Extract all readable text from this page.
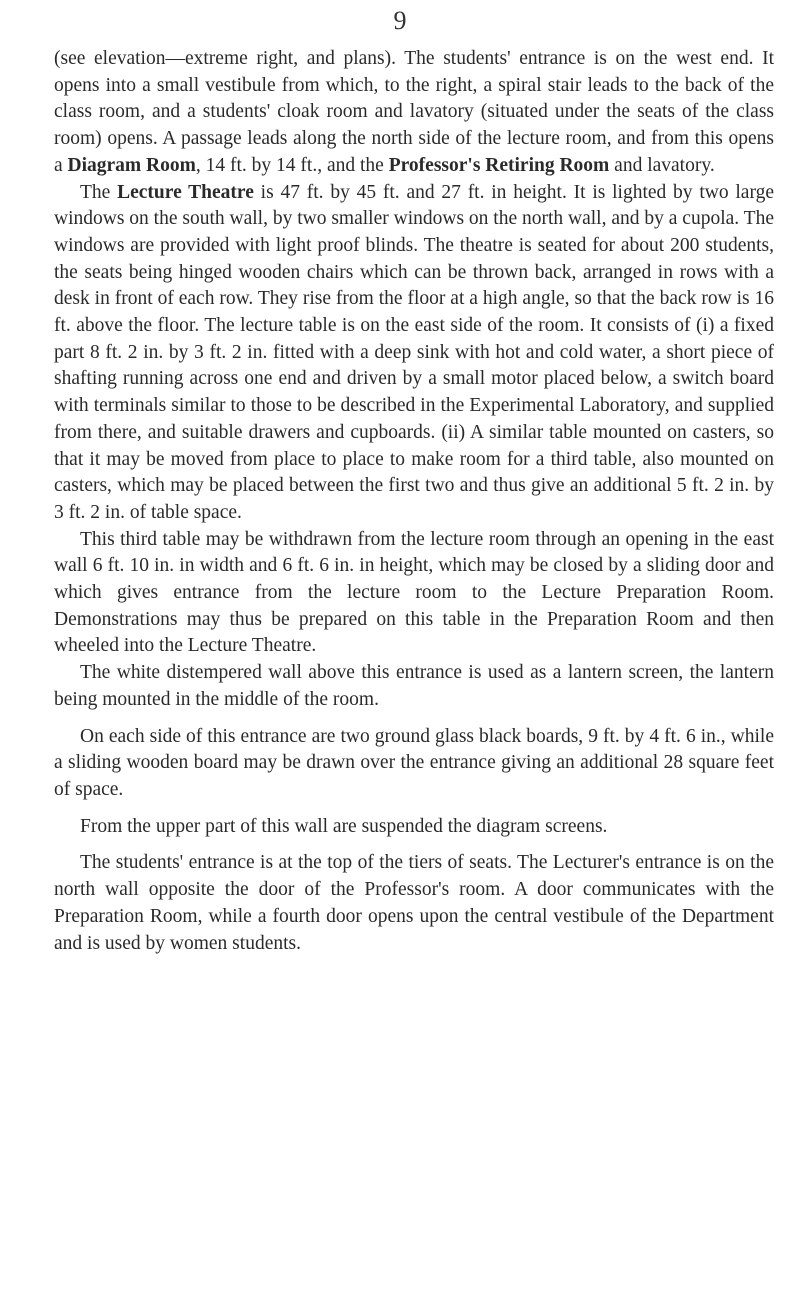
9

(see elevation—extreme right, and plans). The students' entrance is on the west end. It opens into a small vestibule from which, to the right, a spiral stair leads to the back of the class room, and a students' cloak room and lavatory (situated under the seats of the class room) opens. A passage leads along the north side of the lecture room, and from this opens a Diagram Room, 14 ft. by 14 ft., and the Professor's Retiring Room and lavatory.

The Lecture Theatre is 47 ft. by 45 ft. and 27 ft. in height. It is lighted by two large windows on the south wall, by two smaller windows on the north wall, and by a cupola. The windows are provided with light proof blinds. The theatre is seated for about 200 students, the seats being hinged wooden chairs which can be thrown back, arranged in rows with a desk in front of each row. They rise from the floor at a high angle, so that the back row is 16 ft. above the floor. The lecture table is on the east side of the room. It consists of (i) a fixed part 8 ft. 2 in. by 3 ft. 2 in. fitted with a deep sink with hot and cold water, a short piece of shafting running across one end and driven by a small motor placed below, a switch board with terminals similar to those to be described in the Experimental Laboratory, and supplied from there, and suitable drawers and cupboards. (ii) A similar table mounted on casters, so that it may be moved from place to place to make room for a third table, also mounted on casters, which may be placed between the first two and thus give an additional 5 ft. 2 in. by 3 ft. 2 in. of table space.

This third table may be withdrawn from the lecture room through an opening in the east wall 6 ft. 10 in. in width and 6 ft. 6 in. in height, which may be closed by a sliding door and which gives entrance from the lecture room to the Lecture Preparation Room. Demonstrations may thus be prepared on this table in the Preparation Room and then wheeled into the Lecture Theatre.

The white distempered wall above this entrance is used as a lantern screen, the lantern being mounted in the middle of the room.

On each side of this entrance are two ground glass black boards, 9 ft. by 4 ft. 6 in., while a sliding wooden board may be drawn over the entrance giving an additional 28 square feet of space.

From the upper part of this wall are suspended the diagram screens.

The students' entrance is at the top of the tiers of seats. The Lecturer's entrance is on the north wall opposite the door of the Professor's room. A door communicates with the Preparation Room, while a fourth door opens upon the central vestibule of the Department and is used by women students.
